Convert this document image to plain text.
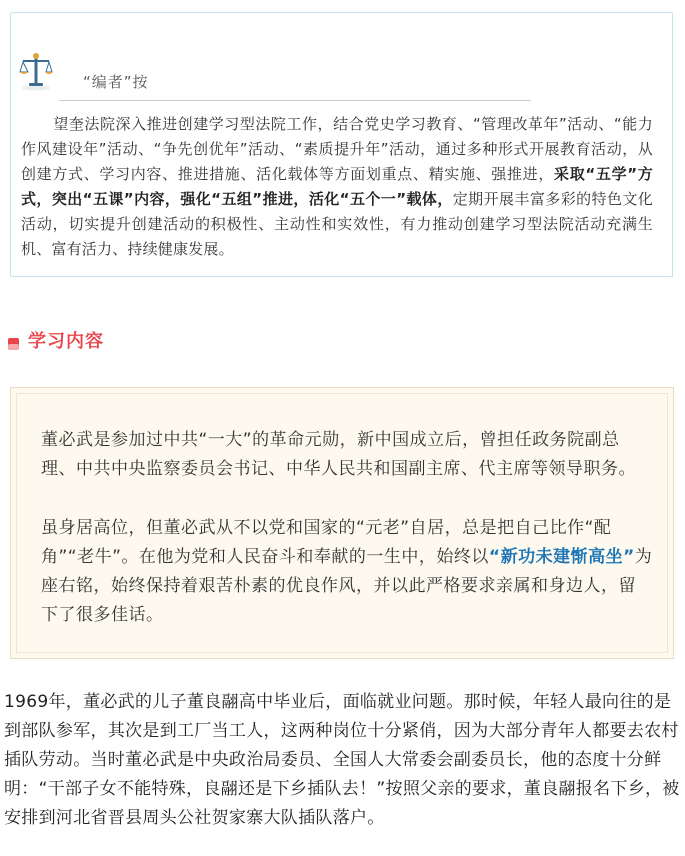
“编者”按
望奎法院深入推进创建学习型法院工作，结合党史学习教育、“管理改革年”活动、“能力作风建设年”活动、“争先创优年”活动、“素质提升年”活动，通过多种形式开展教育活动，从创建方式、学习内容、推进措施、活化载体等方面划重点、精实施、强推进，采取“五学”方式，突出“五课”内容，强化“五组”推进，活化“五个一”载体，定期开展丰富多彩的特色文化活动，切实提升创建活动的积极性、主动性和实效性，有力推动创建学习型法院活动充满生机、富有活力、持续健康发展。
学习内容
董必武是参加过中共“一大”的革命元勋，新中国成立后，曾担任政务院副总理、中共中央监察委员会书记、中华人民共和国副主席、代主席等领导职务。
虽身居高位，但董必武从不以党和国家的“元老”自居，总是把自己比作“配角”“老牛”。在他为党和人民奋斗和奉献的一生中，始终以“新功未建惭高坐”为座右铭，始终保持着艰苦朴素的优良作风，并以此严格要求亲属和身边人，留下了很多佳话。
1969年，董必武的儿子董良翮高中毕业后，面临就业问题。那时候，年轻人最向往的是到部队参军，其次是到工厂当工人，这两种岗位十分紧俏，因为大部分青年人都要去农村插队劳动。当时董必武是中央政治局委员、全国人大常委会副委员长，他的态度十分鲜明：“干部子女不能特殊，良翮还是下乡插队去！”按照父亲的要求，董良翮报名下乡，被安排到河北省晋县周头公社贺家寨大队插队落户。
